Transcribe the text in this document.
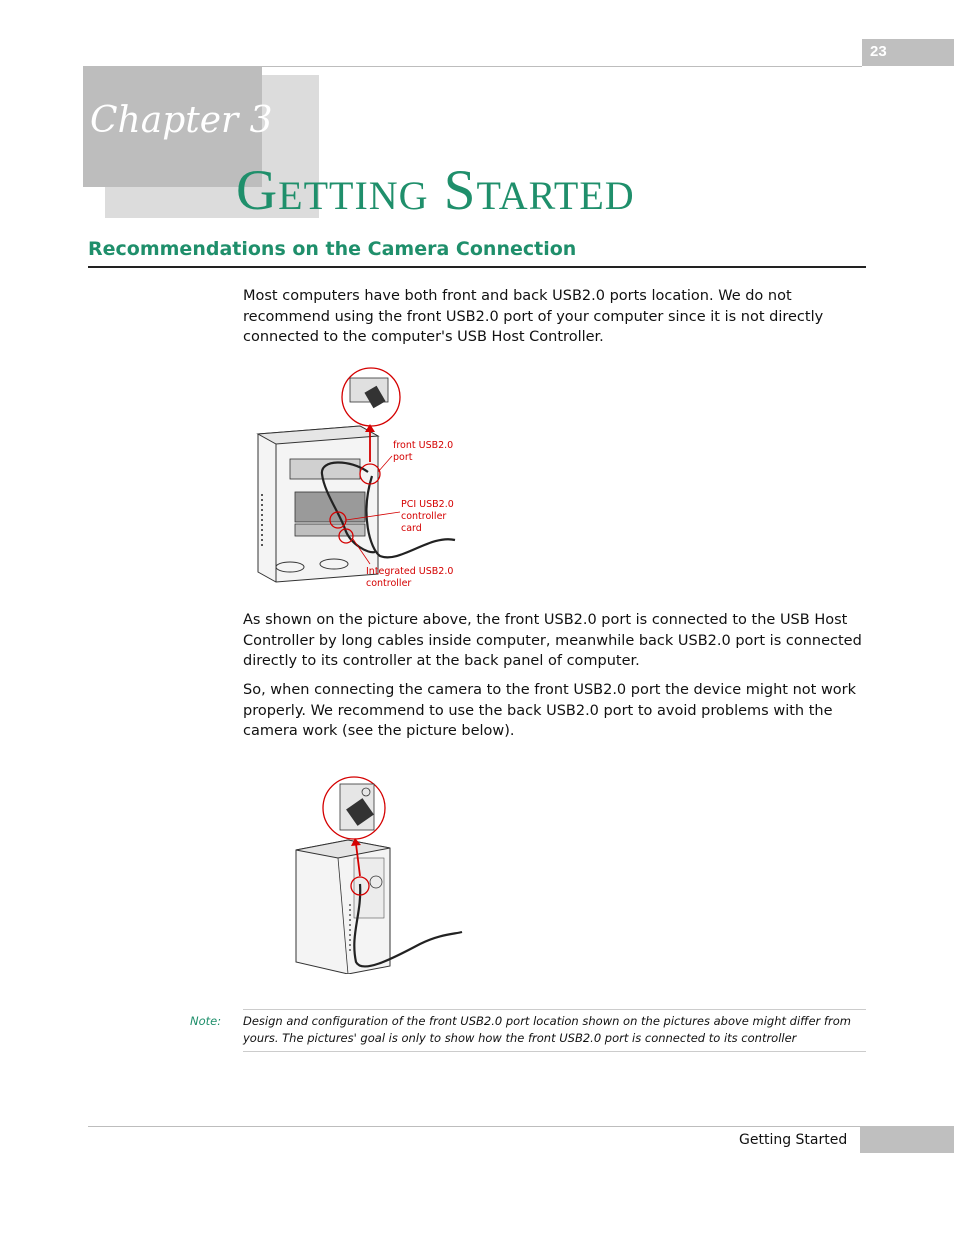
23
Chapter 3
Getting Started
Recommendations on the Camera Connection
Most computers have both front and back USB2.0 ports location. We do not recommend using the front USB2.0 port of your computer since it is not directly connected to the computer's USB Host Controller.
front USB2.0
port
PCI USB2.0
controller
card
Integrated USB2.0
controller
As shown on the picture above, the front USB2.0 port is connected to the USB Host Controller by long cables inside computer, meanwhile back USB2.0 port is connected directly to its controller at the back panel of computer.
So, when connecting the camera to the front USB2.0 port the device might not work properly. We recommend to use the back USB2.0 port to avoid problems with the camera work (see the picture below).
Note: Design and configuration of the front USB2.0 port location shown on the pictures above might differ from yours. The pictures' goal is only to show how the front USB2.0 port is connected to its controller
Getting Started
